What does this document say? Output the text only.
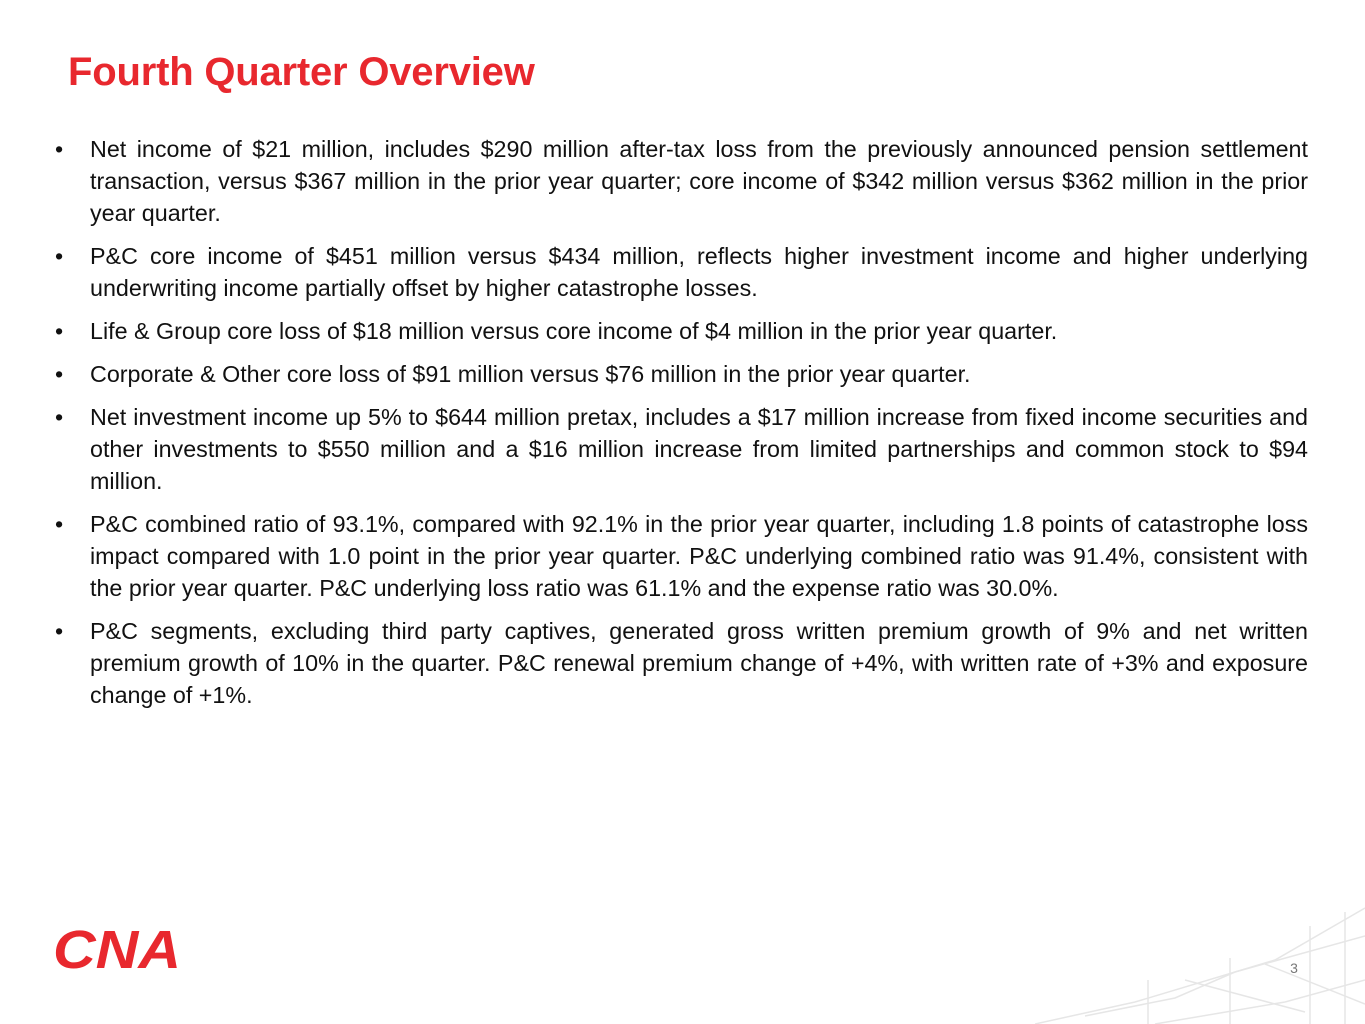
Fourth Quarter Overview
•	Net income of $21 million, includes $290 million after-tax loss from the previously announced pension settlement transaction, versus $367 million in the prior year quarter; core income of $342 million versus $362 million in the prior year quarter.
•	P&C core income of $451 million versus $434 million, reflects higher investment income and higher underlying underwriting income partially offset by higher catastrophe losses.
•	Life & Group core loss of $18 million versus core income of $4 million in the prior year quarter.
•	Corporate & Other core loss of $91 million versus $76 million in the prior year quarter.
•	Net investment income up 5% to $644 million pretax, includes a $17 million increase from fixed income securities and other investments to $550 million and a $16 million increase from limited partnerships and common stock to $94 million.
•	P&C combined ratio of 93.1%, compared with 92.1% in the prior year quarter, including 1.8 points of catastrophe loss impact compared with 1.0 point in the prior year quarter. P&C underlying combined ratio was 91.4%, consistent with the prior year quarter. P&C underlying loss ratio was 61.1% and the expense ratio was 30.0%.
•	P&C segments, excluding third party captives, generated gross written premium growth of 9% and net written premium growth of 10% in the quarter. P&C renewal premium change of +4%, with written rate of +3% and exposure change of +1%.
CNA	3
